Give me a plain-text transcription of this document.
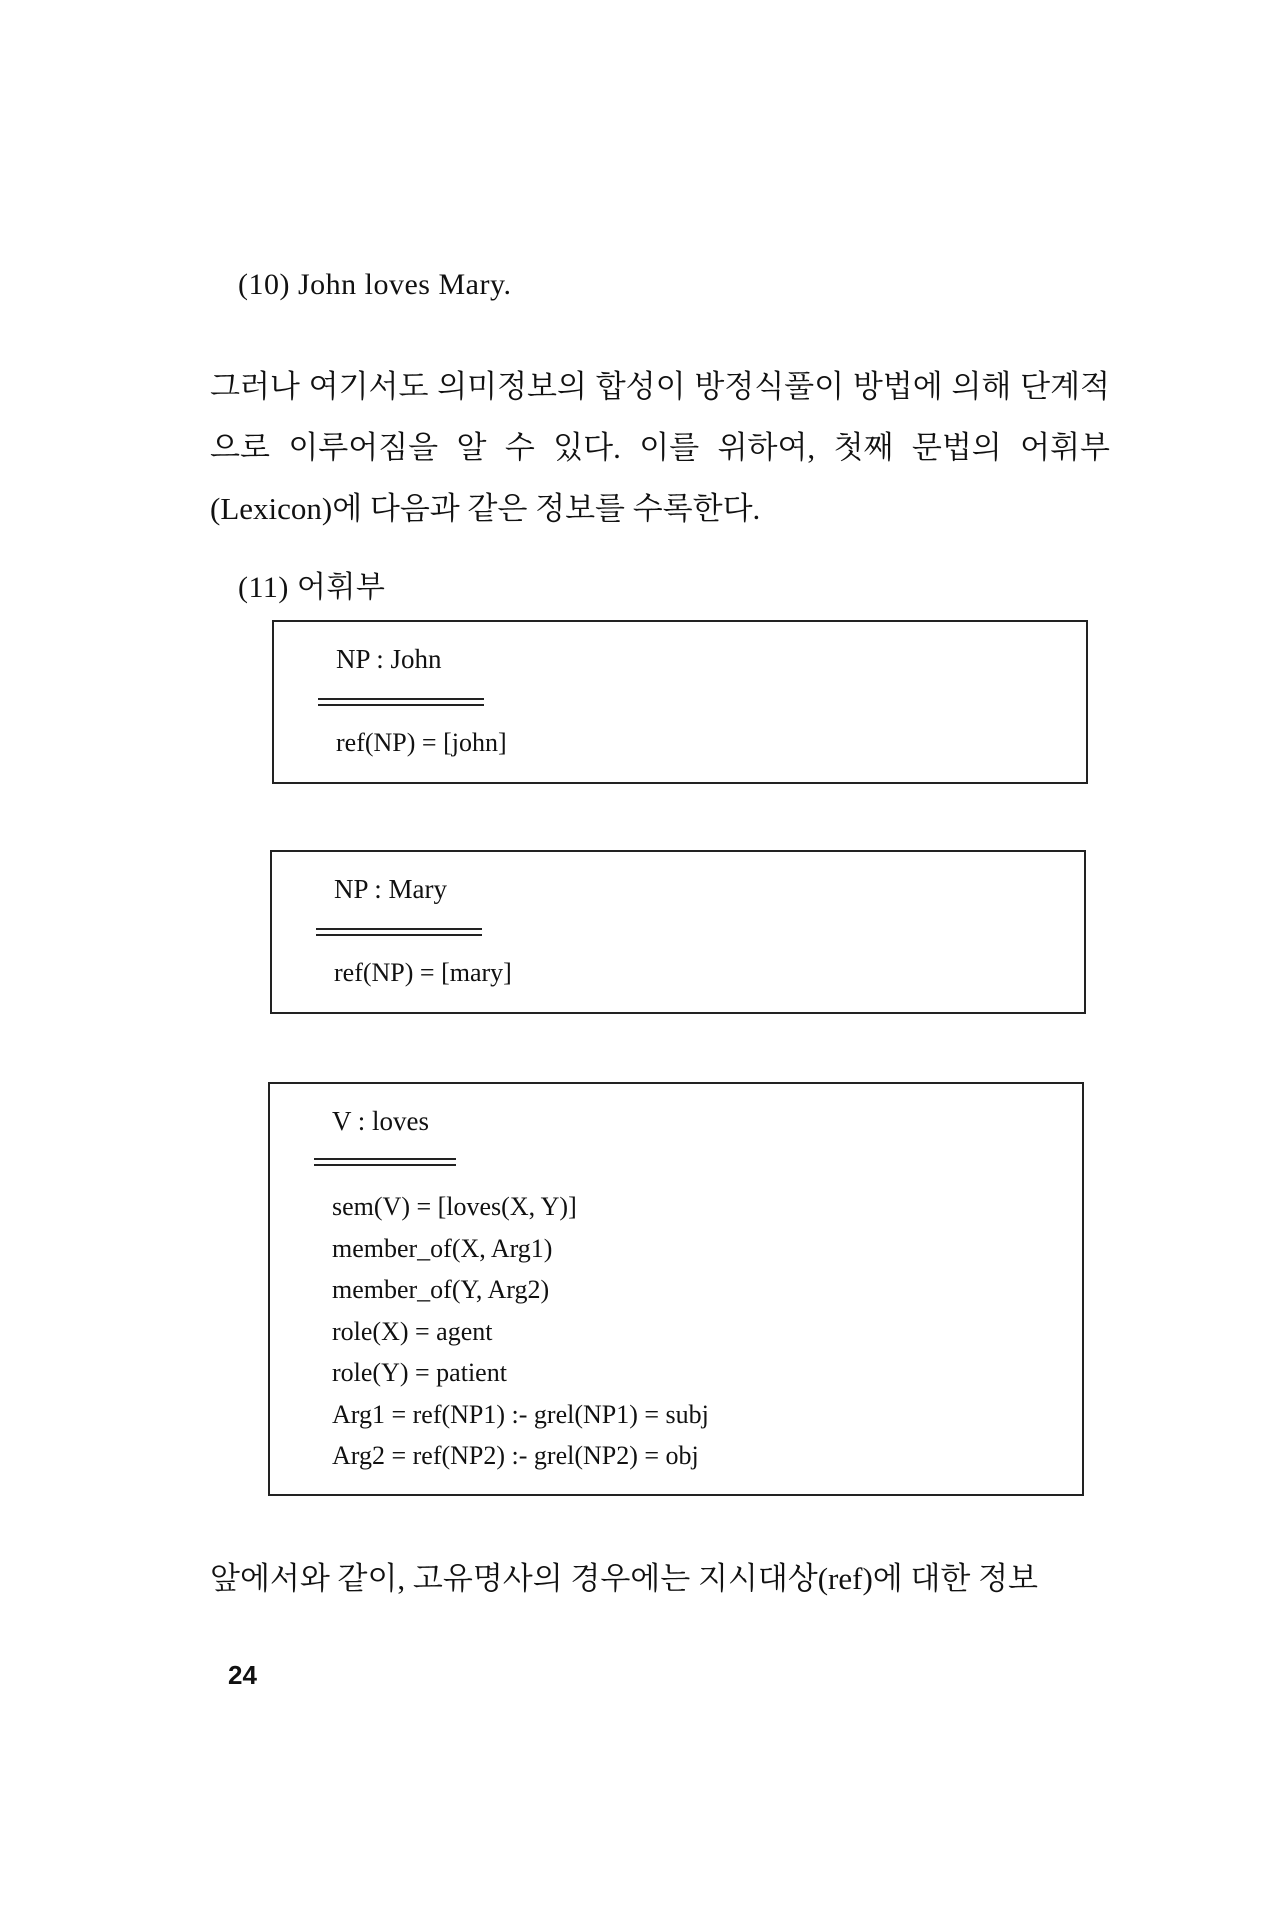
(10) John loves Mary.

그러나 여기서도 의미정보의 합성이 방정식풀이 방법에 의해 단계적으로 이루어짐을 알 수 있다. 이를 위하여, 첫째 문법의 어휘부(Lexicon)에 다음과 같은 정보를 수록한다.

(11) 어휘부
NP : John
ref(NP) = [john]
NP : Mary
ref(NP) = [mary]
V : loves
sem(V) = [loves(X, Y)]
member_of(X, Arg1)
member_of(Y, Arg2)
role(X) = agent
role(Y) = patient
Arg1 = ref(NP1) :- grel(NP1) = subj
Arg2 = ref(NP2) :- grel(NP2) = obj

앞에서와 같이, 고유명사의 경우에는 지시대상(ref)에 대한 정보

24
